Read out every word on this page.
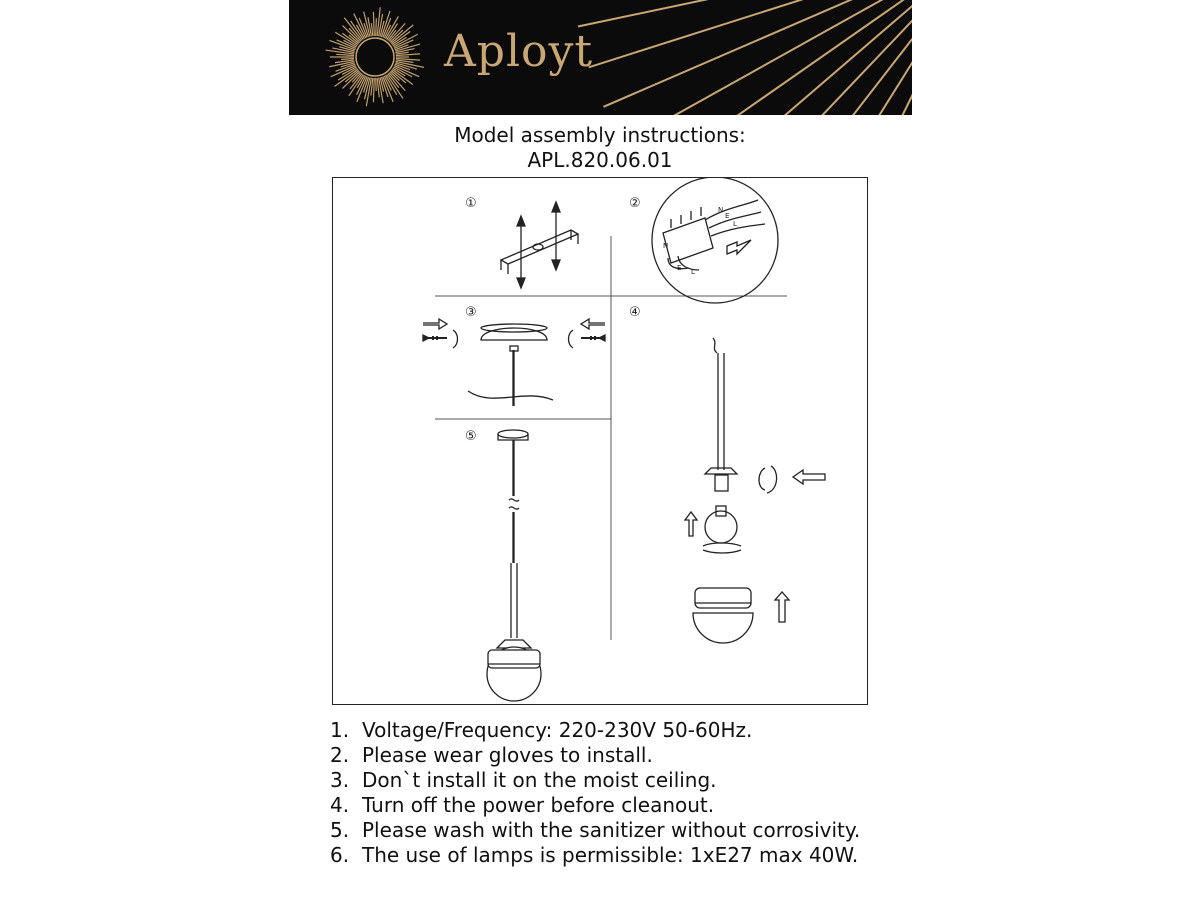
Aployt
Model assembly instructions:
APL.820.06.01
①	②
③	④
⑤
N
L
E
N
E L
1. Voltage/Frequency: 220-230V 50-60Hz.
2. Please wear gloves to install.
3. Don`t install it on the moist ceiling.
4. Turn off the power before cleanout.
5. Please wash with the sanitizer without corrosivity.
6. The use of lamps is permissible: 1xE27 max 40W.
